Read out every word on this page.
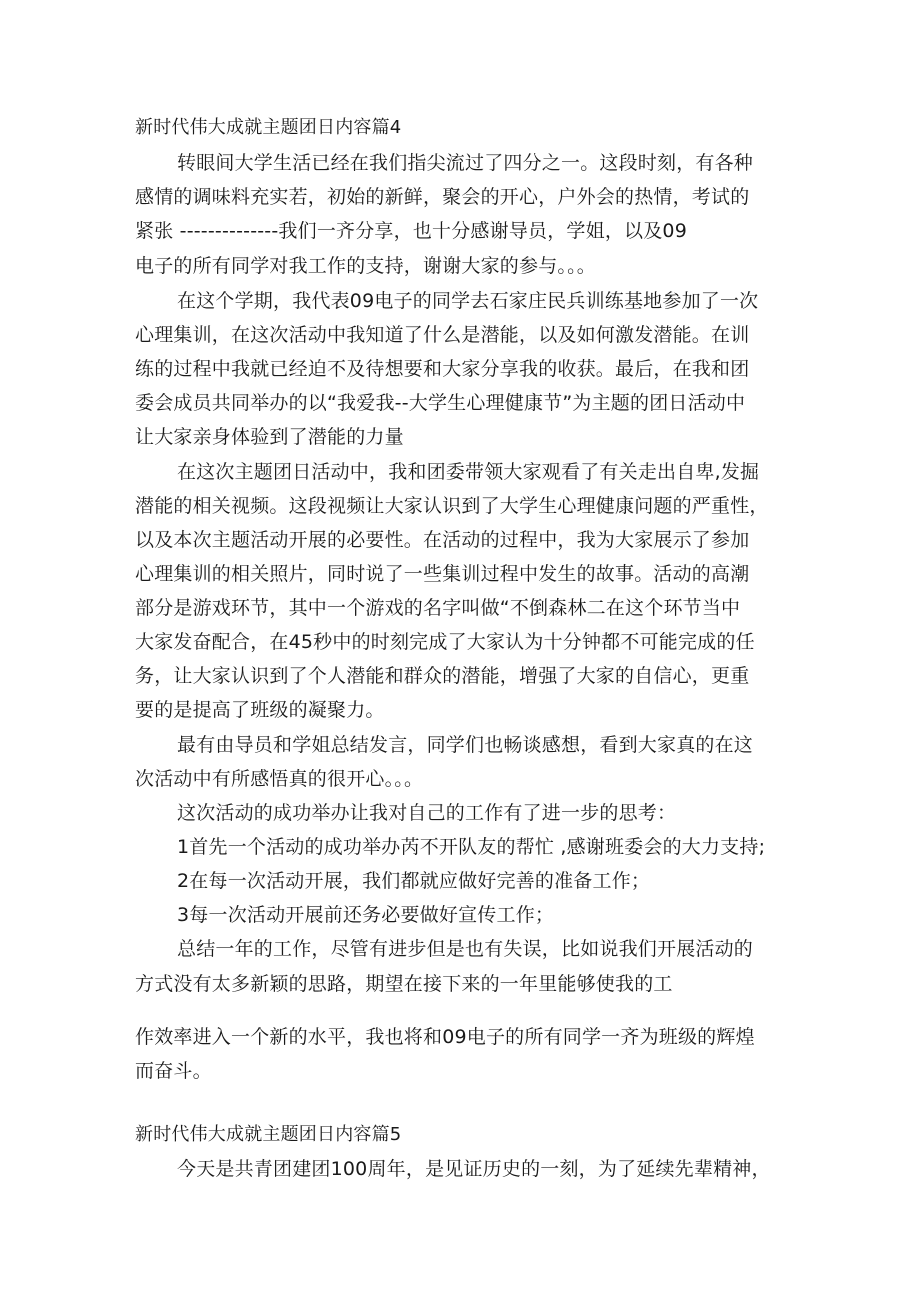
新时代伟大成就主题团日内容篇4
转眼间大学生活已经在我们指尖流过了四分之一。这段时刻，有各种
感情的调味料充实若，初始的新鲜，聚会的开心，户外会的热情，考试的
紧张 --------------我们一齐分享，也十分感谢导员，学姐，以及09
电子的所有同学对我工作的支持，谢谢大家的参与。。。
在这个学期，我代表09电子的同学去石家庄民兵训练基地参加了一次
心理集训，在这次活动中我知道了什么是潜能，以及如何激发潜能。在训
练的过程中我就已经迫不及待想要和大家分享我的收获。最后，在我和团
委会成员共同举办的以“我爱我--大学生心理健康节”为主题的团日活动中
让大家亲身体验到了潜能的力量
在这次主题团日活动中，我和团委带领大家观看了有关走出自卑,发掘
潜能的相关视频。这段视频让大家认识到了大学生心理健康问题的严重性，
以及本次主题活动开展的必要性。在活动的过程中，我为大家展示了参加
心理集训的相关照片，同时说了一些集训过程中发生的故事。活动的高潮
部分是游戏环节，其中一个游戏的名字叫做“不倒森林二在这个环节当中
大家发奋配合，在45秒中的时刻完成了大家认为十分钟都不可能完成的任
务，让大家认识到了个人潜能和群众的潜能，增强了大家的自信心，更重
要的是提高了班级的凝聚力。
最有由导员和学姐总结发言，同学们也畅谈感想，看到大家真的在这
次活动中有所感悟真的很开心。。。
这次活动的成功举办让我对自己的工作有了进一步的思考：
1首先一个活动的成功举办芮不开队友的帮忙 ,感谢班委会的大力支持;
2在每一次活动开展，我们都就应做好完善的准备工作；
3每一次活动开展前还务必要做好宣传工作；
总结一年的工作，尽管有进步但是也有失误，比如说我们开展活动的
方式没有太多新颖的思路，期望在接下来的一年里能够使我的工
作效率进入一个新的水平，我也将和09电子的所有同学一齐为班级的辉煌
而奋斗。
新时代伟大成就主题团日内容篇5
今天是共青团建团100周年，是见证历史的一刻，为了延续先辈精神，
